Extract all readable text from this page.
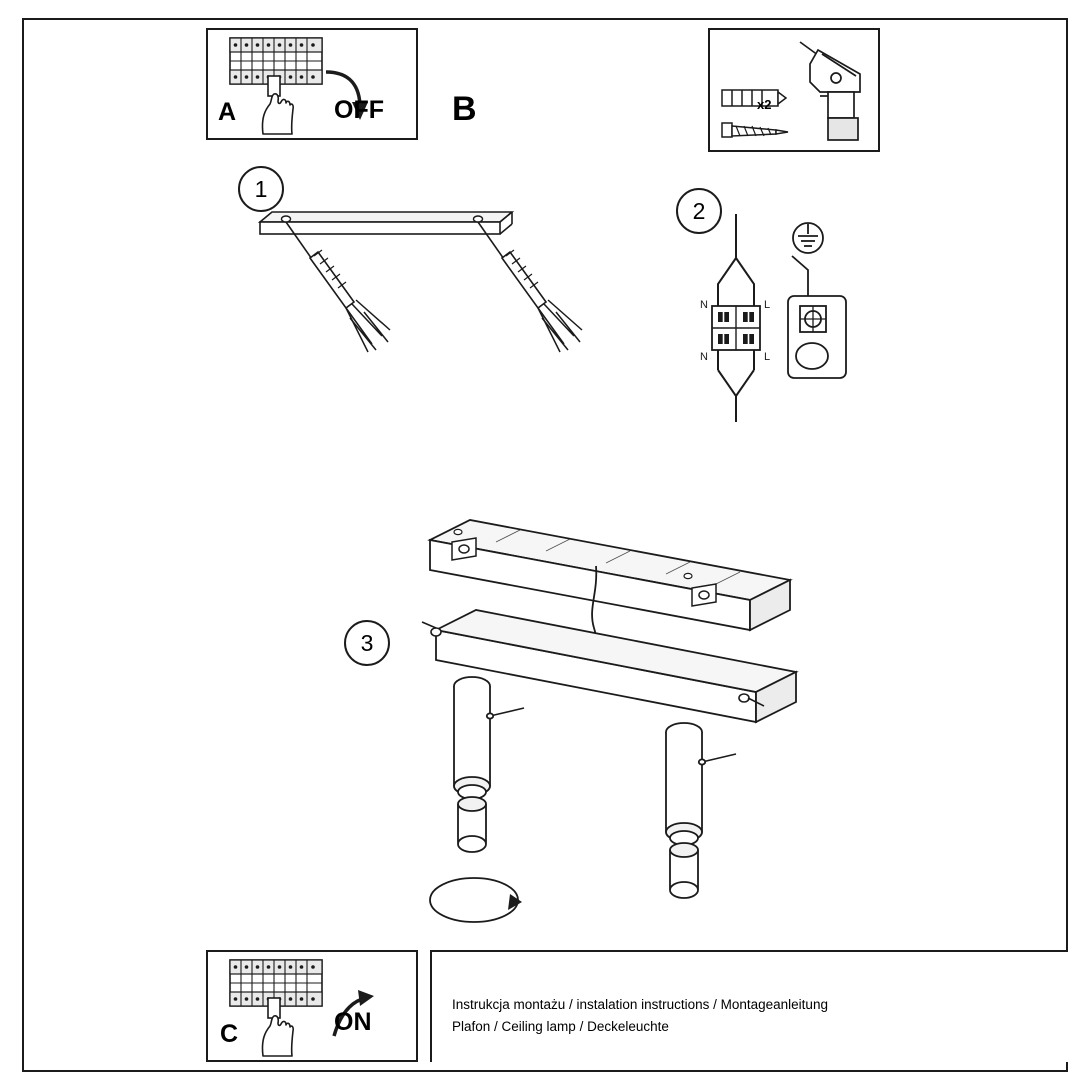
A	OFF B	x2
1
2
N	L
N	L
3
C	ON
Instrukcja montażu / instalation instructions / Montageanleitung
Plafon / Ceiling lamp / Deckeleuchte
